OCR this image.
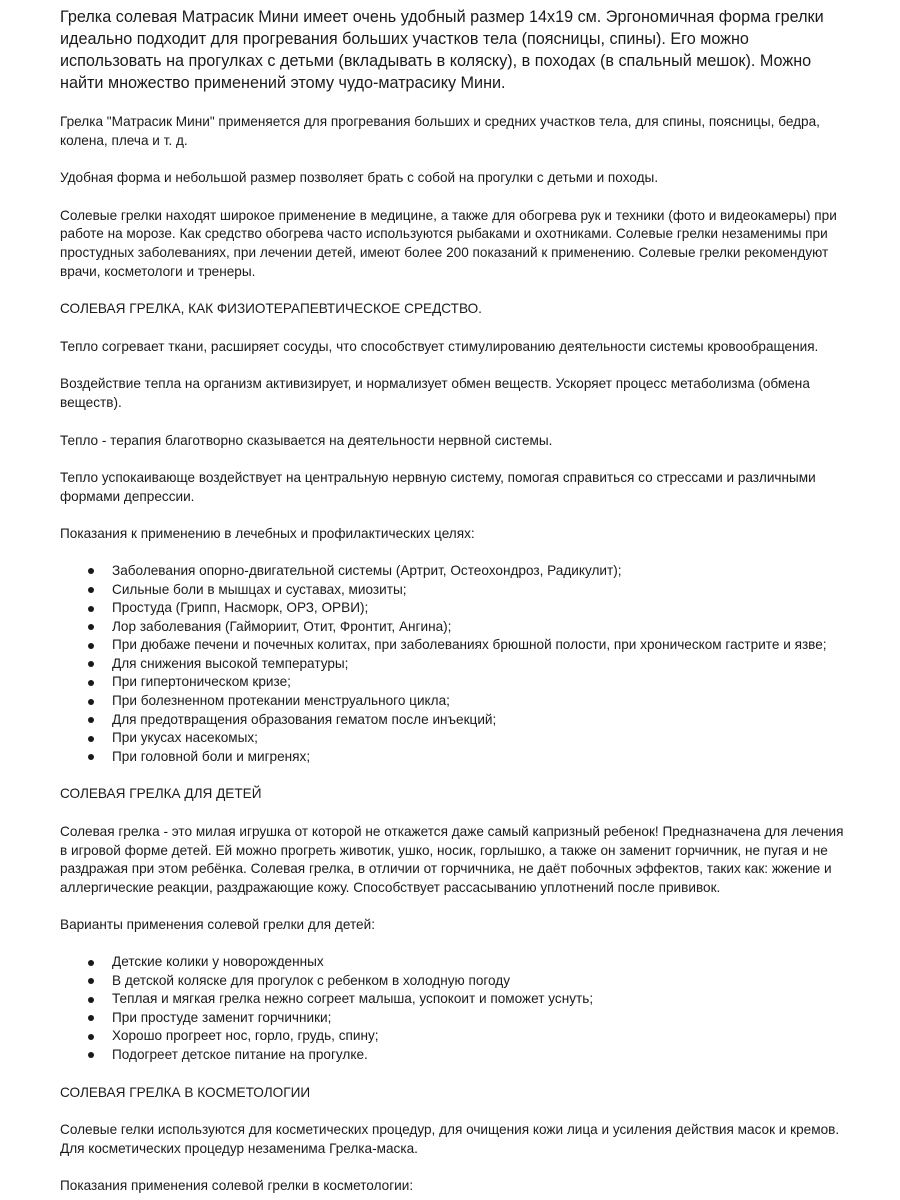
Грелка солевая Матрасик Мини имеет очень удобный размер 14х19 см. Эргономичная форма грелки идеально подходит для прогревания больших участков тела (поясницы, спины). Его можно использовать на прогулках с детьми (вкладывать в коляску), в походах (в спальный мешок). Можно найти множество применений этому чудо-матрасику Мини.

Грелка "Матрасик Мини" применяется для прогревания больших и средних участков тела, для спины, поясницы, бедра, колена, плеча и т. д.

Удобная форма и небольшой размер позволяет брать с собой на прогулки с детьми и походы.

Солевые грелки находят широкое применение в медицине, а также для обогрева рук и техники (фото и видеокамеры) при работе на морозе. Как средство обогрева часто используются рыбаками и охотниками. Солевые грелки незаменимы при простудных заболеваниях, при лечении детей, имеют более 200 показаний к применению. Солевые грелки рекомендуют врачи, косметологи и тренеры.

СОЛЕВАЯ ГРЕЛКА, КАК ФИЗИОТЕРАПЕВТИЧЕСКОЕ СРЕДСТВО.

Тепло согревает ткани, расширяет сосуды, что способствует стимулированию деятельности системы кровообращения.

Воздействие тепла на организм активизирует, и нормализует обмен веществ. Ускоряет процесс метаболизма (обмена веществ).

Тепло - терапия благотворно сказывается на деятельности нервной системы.

Тепло успокаивающе воздействует на центральную нервную систему, помогая справиться со стрессами и различными формами депрессии.

Показания к применению в лечебных и профилактических целях:

Заболевания опорно-двигательной системы (Артрит, Остеохондроз, Радикулит);
Сильные боли в мышцах и суставах, миозиты;
Простуда (Грипп, Насморк, ОРЗ, ОРВИ);
Лор заболевания (Гаймориит, Отит, Фронтит, Ангина);
При дюбаже печени и почечных колитах, при заболеваниях брюшной полости, при хроническом гастрите и язве;
Для снижения высокой температуры;
При гипертоническом кризе;
При болезненном протекании менструального цикла;
Для предотвращения образования гематом после инъекций;
При укусах насекомых;
При головной боли и мигренях;

СОЛЕВАЯ ГРЕЛКА ДЛЯ ДЕТЕЙ

Солевая грелка - это милая игрушка от которой не откажется даже самый капризный ребенок! Предназначена для лечения в игровой форме детей. Ей можно прогреть животик, ушко, носик, горлышко, а также он заменит горчичник, не пугая и не раздражая при этом ребёнка. Солевая грелка, в отличии от горчичника, не даёт побочных эффектов, таких как: жжение и аллергические реакции, раздражающие кожу. Способствует рассасыванию уплотнений после прививок.

Варианты применения солевой грелки для детей:

Детские колики у новорожденных
В детской коляске для прогулок с ребенком в холодную погоду
Теплая и мягкая грелка нежно согреет малыша, успокоит и поможет уснуть;
При простуде заменит горчичники;
Хорошо прогреет нос, горло, грудь, спину;
Подогреет детское питание на прогулке.

СОЛЕВАЯ ГРЕЛКА В КОСМЕТОЛОГИИ

Солевые гелки используются для косметических процедур, для очищения кожи лица и усиления действия масок и кремов. Для косметических процедур незаменима Грелка-маска.

Показания применения солевой грелки в косметологии:
